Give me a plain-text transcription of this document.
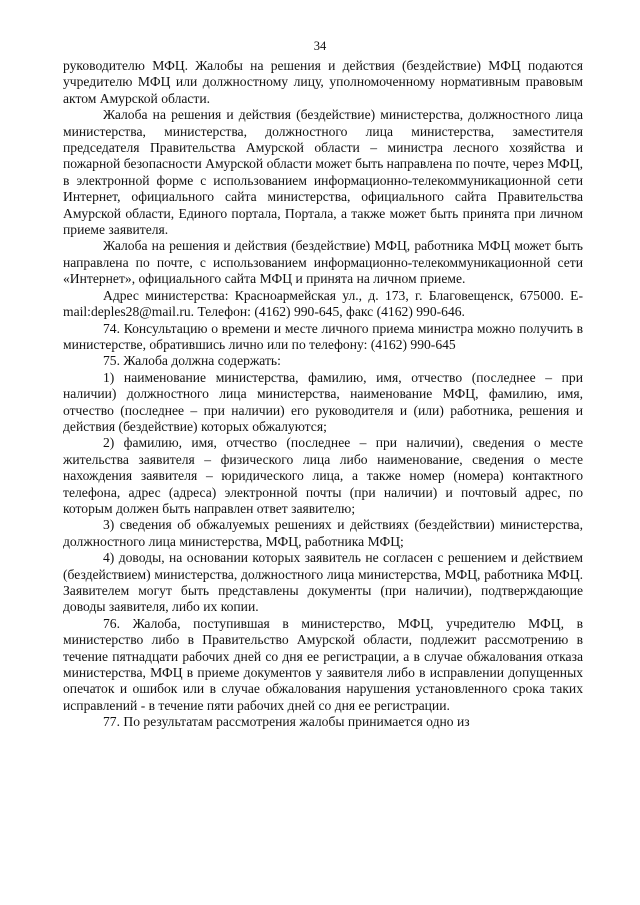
34

руководителю МФЦ. Жалобы на решения и действия (бездействие) МФЦ подаются учредителю МФЦ или должностному лицу, уполномоченному нормативным правовым актом Амурской области.

Жалоба на решения и действия (бездействие) министерства, должностного лица министерства, министерства, должностного лица министерства, заместителя председателя Правительства Амурской области – министра лесного хозяйства и пожарной безопасности Амурской области может быть направлена по почте, через МФЦ, в электронной форме с использованием информационно-телекоммуникационной сети Интернет, официального сайта министерства, официального сайта Правительства Амурской области, Единого портала, Портала, а также может быть принята при личном приеме заявителя.

Жалоба на решения и действия (бездействие) МФЦ, работника МФЦ может быть направлена по почте, с использованием информационно-телекоммуникационной сети «Интернет», официального сайта МФЦ и принята на личном приеме.

Адрес министерства: Красноармейская ул., д. 173, г. Благовещенск, 675000. E-mail:deples28@mail.ru. Телефон: (4162) 990-645, факс (4162) 990-646.

74. Консультацию о времени и месте личного приема министра можно получить в министерстве, обратившись лично или по телефону: (4162) 990-645

75. Жалоба должна содержать:

1) наименование министерства, фамилию, имя, отчество (последнее – при наличии) должностного лица министерства, наименование МФЦ, фамилию, имя, отчество (последнее – при наличии) его руководителя и (или) работника, решения и действия (бездействие) которых обжалуются;

2) фамилию, имя, отчество (последнее – при наличии), сведения о месте жительства заявителя – физического лица либо наименование, сведения о месте нахождения заявителя – юридического лица, а также номер (номера) контактного телефона, адрес (адреса) электронной почты (при наличии) и почтовый адрес, по которым должен быть направлен ответ заявителю;

3) сведения об обжалуемых решениях и действиях (бездействии) министерства, должностного лица министерства, МФЦ, работника МФЦ;

4) доводы, на основании которых заявитель не согласен с решением и действием (бездействием) министерства, должностного лица министерства, МФЦ, работника МФЦ. Заявителем могут быть представлены документы (при наличии), подтверждающие доводы заявителя, либо их копии.

76. Жалоба, поступившая в министерство, МФЦ, учредителю МФЦ, в министерство либо в Правительство Амурской области, подлежит рассмотрению в течение пятнадцати рабочих дней со дня ее регистрации, а в случае обжалования отказа министерства, МФЦ в приеме документов у заявителя либо в исправлении допущенных опечаток и ошибок или в случае обжалования нарушения установленного срока таких исправлений - в течение пяти рабочих дней со дня ее регистрации.

77. По результатам рассмотрения жалобы принимается одно из
